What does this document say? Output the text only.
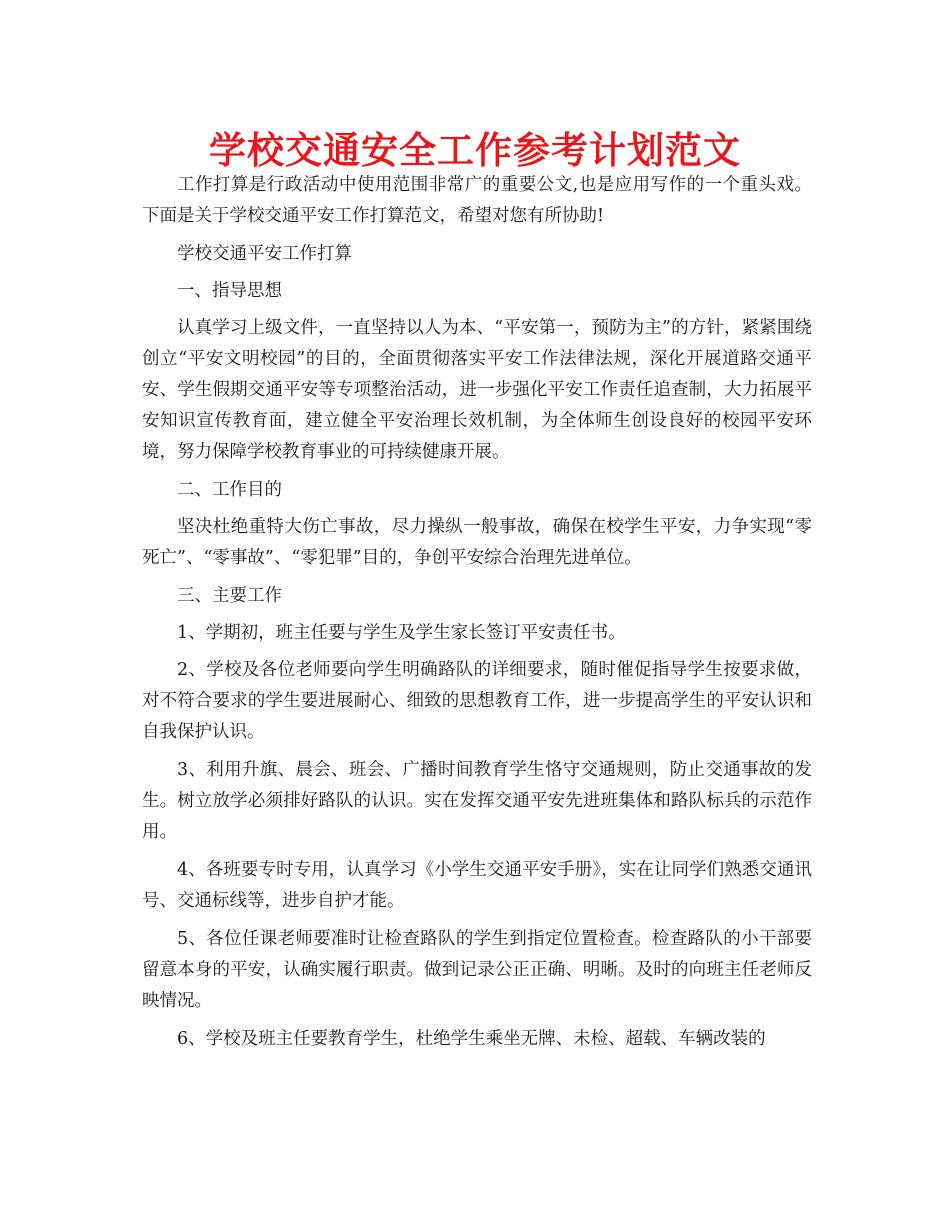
学校交通安全工作参考计划范文

工作打算是行政活动中使用范围非常广的重要公文,也是应用写作的一个重头戏。下面是关于学校交通平安工作打算范文，希望对您有所协助!

学校交通平安工作打算

一、指导思想

认真学习上级文件，一直坚持以人为本、“平安第一，预防为主”的方针，紧紧围绕创立“平安文明校园”的目的，全面贯彻落实平安工作法律法规，深化开展道路交通平安、学生假期交通平安等专项整治活动，进一步强化平安工作责任追查制，大力拓展平安知识宣传教育面，建立健全平安治理长效机制，为全体师生创设良好的校园平安环境，努力保障学校教育事业的可持续健康开展。

二、工作目的

坚决杜绝重特大伤亡事故，尽力操纵一般事故，确保在校学生平安，力争实现“零死亡”、“零事故”、“零犯罪”目的，争创平安综合治理先进单位。

三、主要工作

1、学期初，班主任要与学生及学生家长签订平安责任书。

2、学校及各位老师要向学生明确路队的详细要求，随时催促指导学生按要求做，对不符合要求的学生要进展耐心、细致的思想教育工作，进一步提高学生的平安认识和自我保护认识。

3、利用升旗、晨会、班会、广播时间教育学生恪守交通规则，防止交通事故的发生。树立放学必须排好路队的认识。实在发挥交通平安先进班集体和路队标兵的示范作用。

4、各班要专时专用，认真学习《小学生交通平安手册》，实在让同学们熟悉交通讯号、交通标线等，进步自护才能。

5、各位任课老师要准时让检查路队的学生到指定位置检查。检查路队的小干部要留意本身的平安，认确实履行职责。做到记录公正正确、明晰。及时的向班主任老师反映情况。

6、学校及班主任要教育学生，杜绝学生乘坐无牌、未检、超载、车辆改装的
